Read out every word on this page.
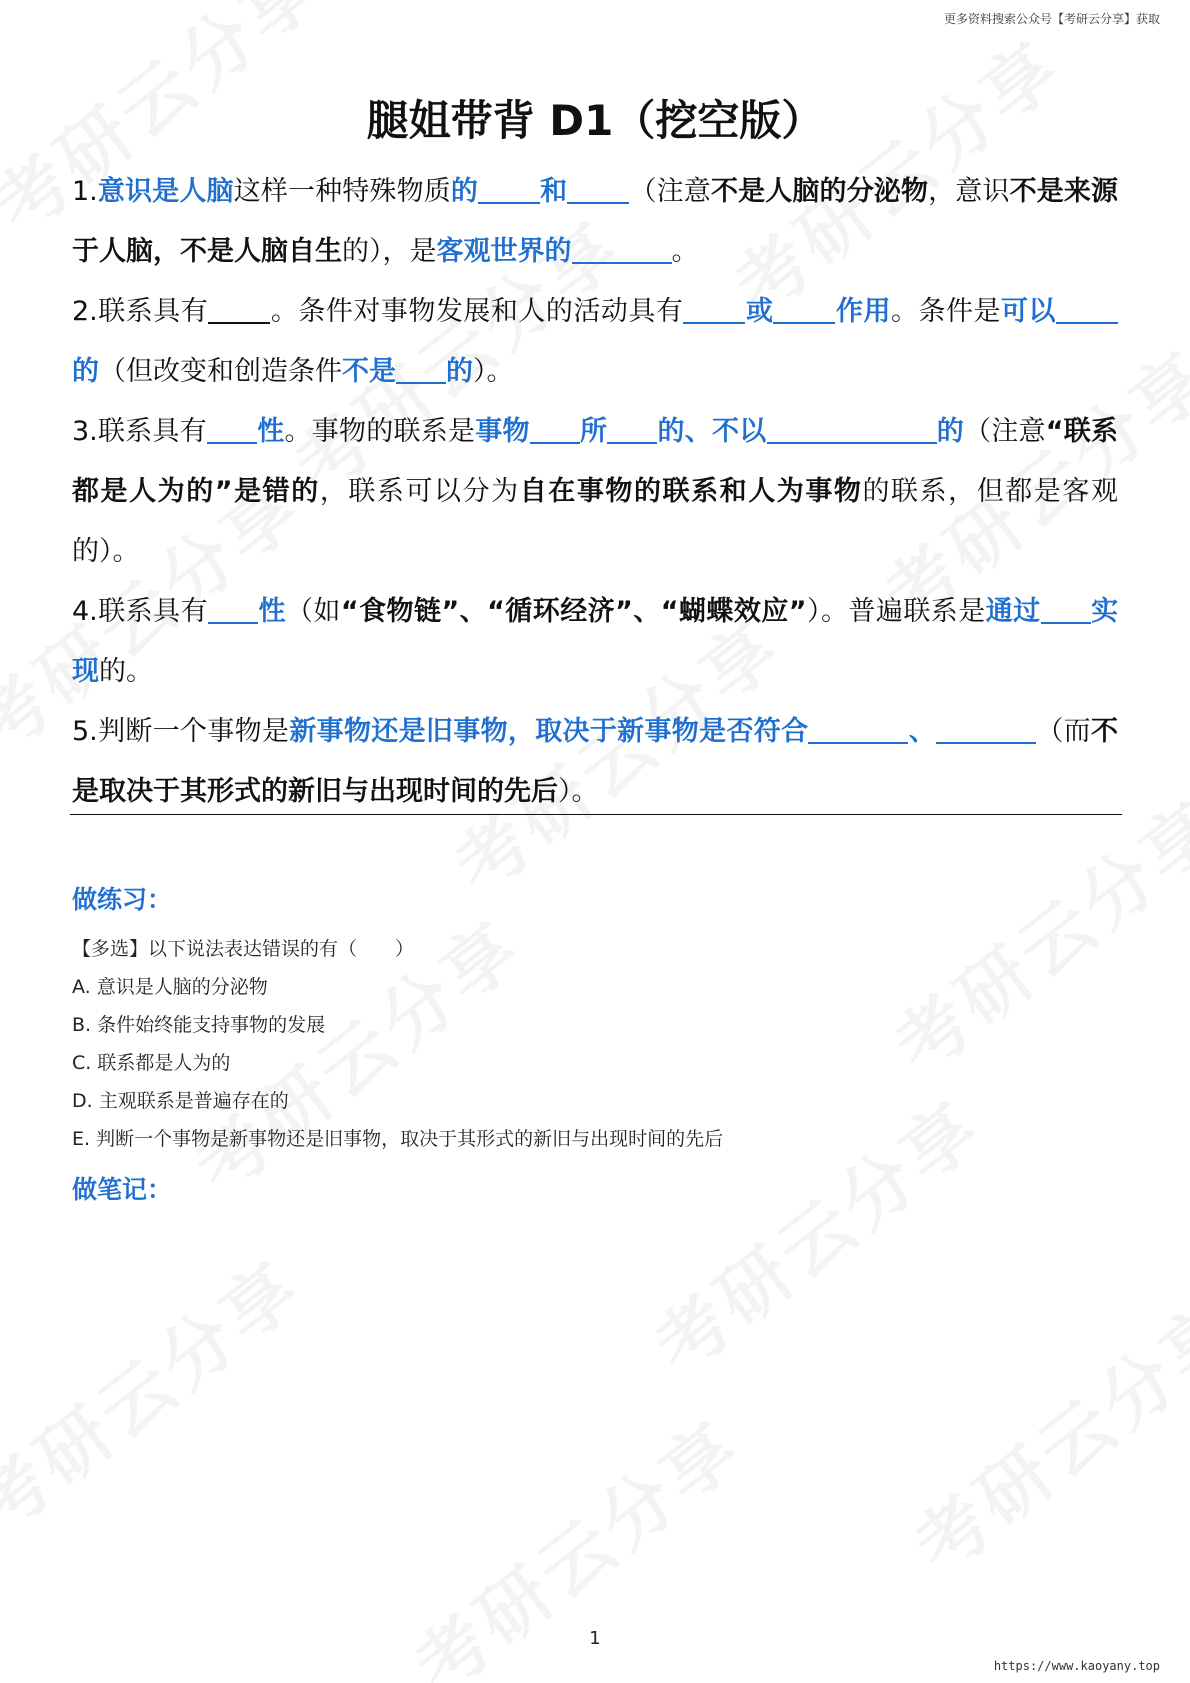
更多资料搜索公众号【考研云分享】获取
腿姐带背 D1（挖空版）

1.意识是人脑这样一种特殊物质的 和 （注意不是人脑的分泌物，意识不是来源于人脑，不是人脑自生的），是客观世界的	。

2.联系具有 。条件对事物发展和人的活动具有 或 作用。条件是可以的（但改变和创造条件不是 的）。

3.联系具有 性。事物的联系是事物 所 的、不以	的（注意“联系都是人为的”是错的，联系可以分为自在事物的联系和人为事物的联系，但都是客观的）。

4.联系具有 性（如“食物链”、“循环经济”、“蝴蝶效应”）。普遍联系是通过 实现的。

5.判断一个事物是新事物还是旧事物，取决于新事物是否符合	、	（而不是取决于其形式的新旧与出现时间的先后）。

做练习：

【多选】以下说法表达错误的有（　　）

A. 意识是人脑的分泌物

B. 条件始终能支持事物的发展

C. 联系都是人为的

D. 主观联系是普遍存在的

E. 判断一个事物是新事物还是旧事物，取决于其形式的新旧与出现时间的先后

做笔记：

1
https://www.kaoyany.top
